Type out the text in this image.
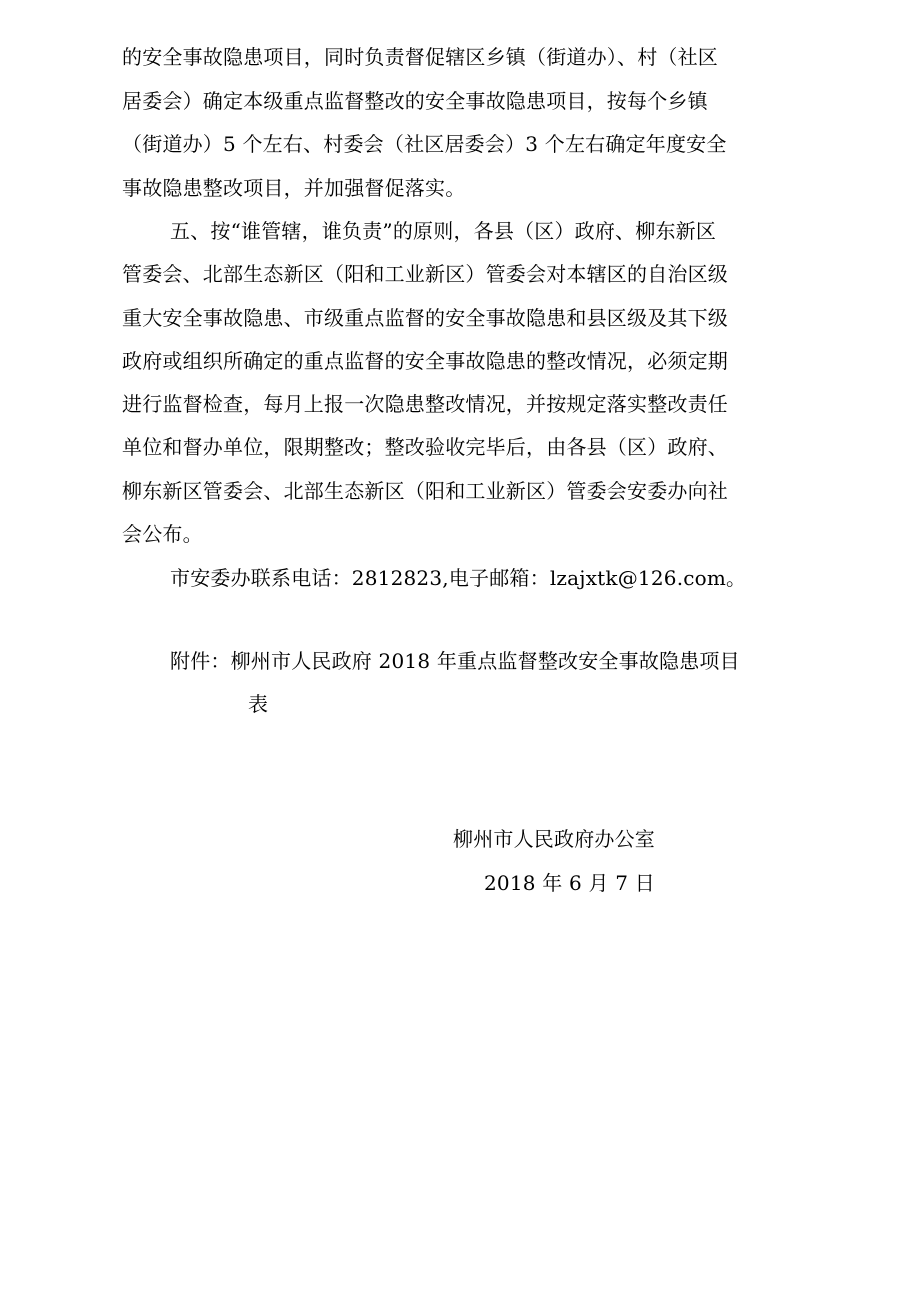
的安全事故隐患项目，同时负责督促辖区乡镇（街道办）、村（社区
居委会）确定本级重点监督整改的安全事故隐患项目，按每个乡镇
（街道办）5 个左右、村委会（社区居委会）3 个左右确定年度安全
事故隐患整改项目，并加强督促落实。
五、按“谁管辖，谁负责”的原则，各县（区）政府、柳东新区
管委会、北部生态新区（阳和工业新区）管委会对本辖区的自治区级
重大安全事故隐患、市级重点监督的安全事故隐患和县区级及其下级
政府或组织所确定的重点监督的安全事故隐患的整改情况，必须定期
进行监督检查，每月上报一次隐患整改情况，并按规定落实整改责任
单位和督办单位，限期整改；整改验收完毕后，由各县（区）政府、
柳东新区管委会、北部生态新区（阳和工业新区）管委会安委办向社
会公布。
市安委办联系电话：2812823,电子邮箱：lzajxtk@126.com。
附件：柳州市人民政府 2018 年重点监督整改安全事故隐患项目
表
柳州市人民政府办公室
2018 年 6 月 7 日
